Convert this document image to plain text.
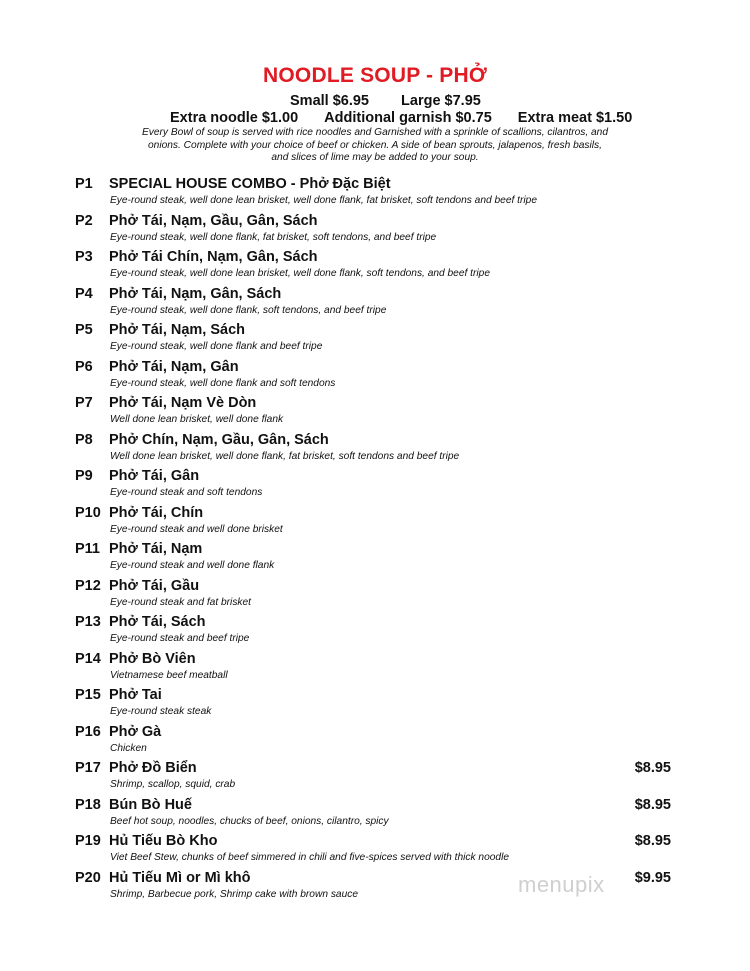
NOODLE SOUP - PHỞ
Small $6.95 Large $7.95
Extra noodle $1.00 Additional garnish $0.75 Extra meat $1.50
Every Bowl of soup is served with rice noodles and Garnished with a sprinkle of scallions, cilantros, and
onions. Complete with your choice of beef or chicken. A side of bean sprouts, jalapenos, fresh basils,
and slices of lime may be added to your soup.
P1 SPECIAL HOUSE COMBO - Phở Đặc Biệt
Eye-round steak, well done lean brisket, well done flank, fat brisket, soft tendons and beef tripe
P2 Phở Tái, Nạm, Gầu, Gân, Sách
Eye-round steak, well done flank, fat brisket, soft tendons, and beef tripe
P3 Phở Tái Chín, Nạm, Gân, Sách
Eye-round steak, well done lean brisket, well done flank, soft tendons, and beef tripe
P4 Phở Tái, Nạm, Gân, Sách
Eye-round steak, well done flank, soft tendons, and beef tripe
P5 Phở Tái, Nạm, Sách
Eye-round steak, well done flank and beef tripe
P6 Phở Tái, Nạm, Gân
Eye-round steak, well done flank and soft tendons
P7 Phở Tái, Nạm Vè Dòn
Well done lean brisket, well done flank
P8 Phở Chín, Nạm, Gầu, Gân, Sách
Well done lean brisket, well done flank, fat brisket, soft tendons and beef tripe
P9 Phở Tái, Gân
Eye-round steak and soft tendons
P10 Phở Tái, Chín
Eye-round steak and well done brisket
P11 Phở Tái, Nạm
Eye-round steak and well done flank
P12 Phở Tái, Gầu
Eye-round steak and fat brisket
P13 Phở Tái, Sách
Eye-round steak and beef tripe
P14 Phở Bò Viên
Vietnamese beef meatball
P15 Phở Tai
Eye-round steak steak
P16 Phở Gà
Chicken
P17 Phở Đồ Biển
Shrimp, scallop, squid, crab
$8.95
P18 Bún Bò Huế
Beef hot soup, noodles, chucks of beef, onions, cilantro, spicy
$8.95
P19 Hủ Tiếu Bò Kho
Viet Beef Stew, chunks of beef simmered in chili and five-spices served with thick noodle
$8.95
P20 Hủ Tiếu Mì or Mì khô
Shrimp, Barbecue pork, Shrimp cake with brown sauce
$9.95
menupix
